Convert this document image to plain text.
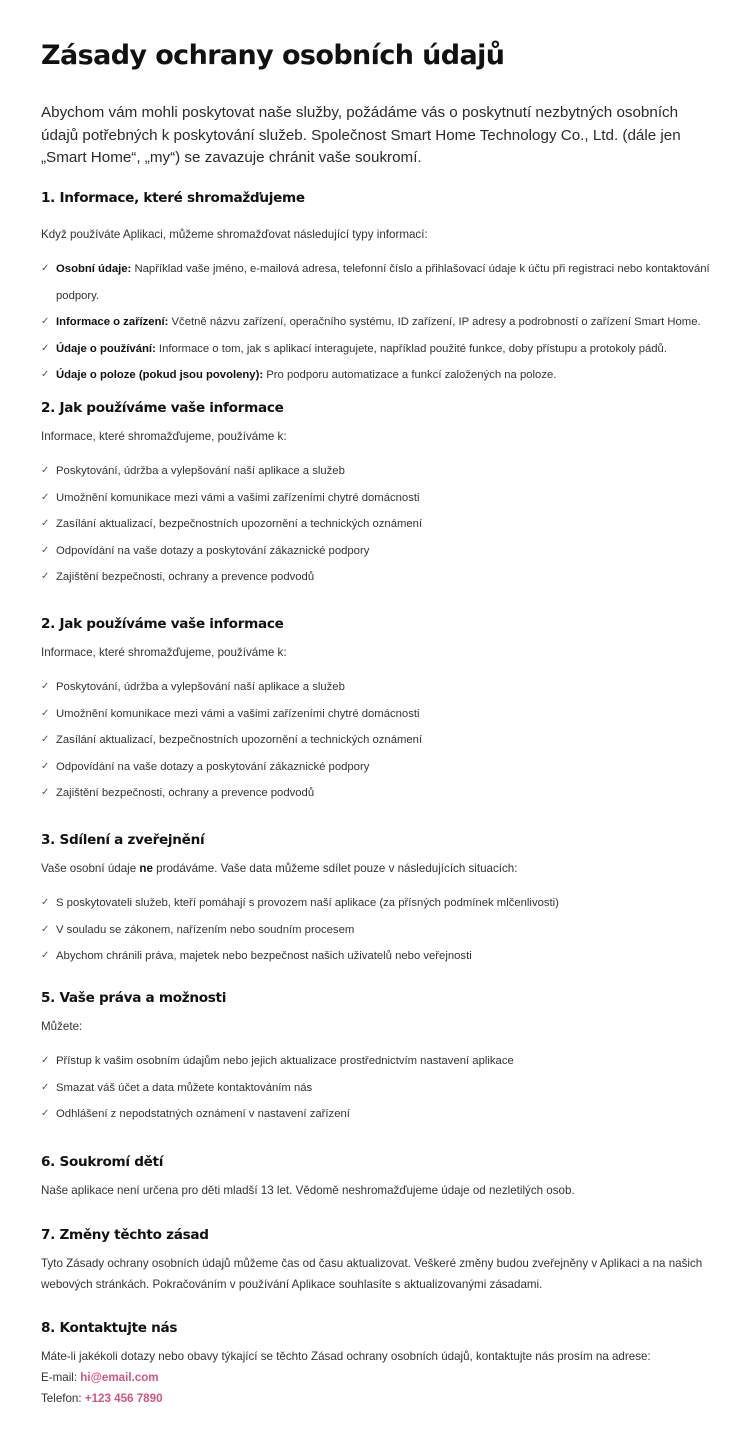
Zásady ochrany osobních údajů

Abychom vám mohli poskytovat naše služby, požádáme vás o poskytnutí nezbytných osobních údajů potřebných k poskytování služeb. Společnost Smart Home Technology Co., Ltd. (dále jen „Smart Home“, „my“) se zavazuje chránit vaše soukromí.

1. Informace, které shromažďujeme

Když používáte Aplikaci, můžeme shromažďovat následující typy informací:

✓ Osobní údaje: Například vaše jméno, e-mailová adresa, telefonní číslo a přihlašovací údaje k účtu při registraci nebo kontaktování podpory.
✓ Informace o zařízení: Včetně názvu zařízení, operačního systému, ID zařízení, IP adresy a podrobností o zařízení Smart Home.
✓ Údaje o používání: Informace o tom, jak s aplikací interagujete, například použité funkce, doby přístupu a protokoly pádů.
✓ Údaje o poloze (pokud jsou povoleny): Pro podporu automatizace a funkcí založených na poloze.
2. Jak používáme vaše informace

Informace, které shromažďujeme, používáme k:

✓ Poskytování, údržba a vylepšování naší aplikace a služeb
✓ Umožnění komunikace mezi vámi a vašimi zařízeními chytré domácnosti
✓ Zasílání aktualizací, bezpečnostních upozornění a technických oznámení
✓ Odpovídání na vaše dotazy a poskytování zákaznické podpory
✓ Zajištění bezpečnosti, ochrany a prevence podvodů
2. Jak používáme vaše informace

Informace, které shromažďujeme, používáme k:

✓ Poskytování, údržba a vylepšování naší aplikace a služeb
✓ Umožnění komunikace mezi vámi a vašimi zařízeními chytré domácnosti
✓ Zasílání aktualizací, bezpečnostních upozornění a technických oznámení
✓ Odpovídání na vaše dotazy a poskytování zákaznické podpory
✓ Zajištění bezpečnosti, ochrany a prevence podvodů
3. Sdílení a zveřejnění

Vaše osobní údaje ne prodáváme. Vaše data můžeme sdílet pouze v následujících situacích:

✓ S poskytovateli služeb, kteří pomáhají s provozem naší aplikace (za přísných podmínek mlčenlivosti)
✓ V souladu se zákonem, nařízením nebo soudním procesem
✓ Abychom chránili práva, majetek nebo bezpečnost našich uživatelů nebo veřejnosti
5. Vaše práva a možnosti

Můžete:

✓ Přístup k vašim osobním údajům nebo jejich aktualizace prostřednictvím nastavení aplikace
✓ Smazat váš účet a data můžete kontaktováním nás
✓ Odhlášení z nepodstatných oznámení v nastavení zařízení
6. Soukromí dětí

Naše aplikace není určena pro děti mladší 13 let. Vědomě neshromažďujeme údaje od nezletilých osob.

7. Změny těchto zásad

Tyto Zásady ochrany osobních údajů můžeme čas od času aktualizovat. Veškeré změny budou zveřejněny v Aplikaci a na našich webových stránkách. Pokračováním v používání Aplikace souhlasíte s aktualizovanými zásadami.

8. Kontaktujte nás

Máte-li jakékoli dotazy nebo obavy týkající se těchto Zásad ochrany osobních údajů, kontaktujte nás prosím na adrese:

E-mail: hi@email.com

Telefon: +123 456 7890
